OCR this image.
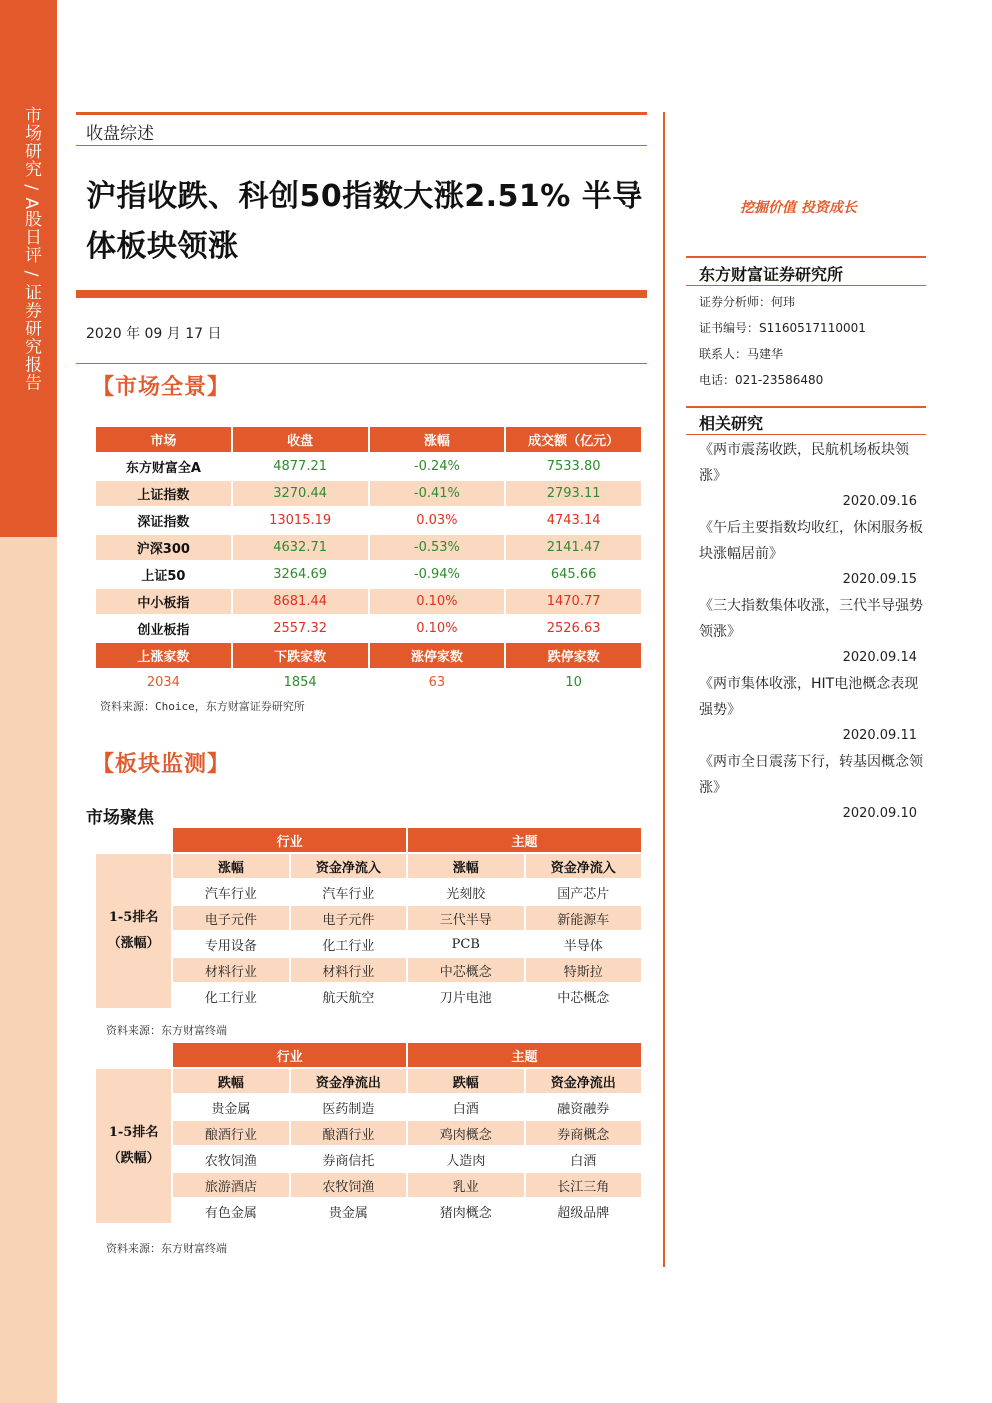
市场研究 / A股日评 / 证券研究报告	收盘综述
沪指收跌、科创50指数大涨2.51% 半导体板块领涨
2020 年 09 月 17 日
【市场全景】
市场	收盘	涨幅	成交额（亿元）
东方财富全A	4877.21	-0.24%	7533.80
上证指数	3270.44	-0.41%	2793.11
深证指数	13015.19	0.03%	4743.14
沪深300	4632.71	-0.53%	2141.47
上证50	3264.69	-0.94%	645.66
中小板指	8681.44	0.10%	1470.77
创业板指	2557.32	0.10%	2526.63
上涨家数	下跌家数	涨停家数	跌停家数
2034	1854	63	10
资料来源：Choice，东方财富证券研究所
【板块监测】
市场聚焦
	行业		主题	
1-5排名（涨幅）	涨幅	资金净流入	涨幅	资金净流入
	汽车行业	汽车行业	光刻胶	国产芯片
	电子元件	电子元件	三代半导	新能源车
	专用设备	化工行业	PCB	半导体
	材料行业	材料行业	中芯概念	特斯拉
	化工行业	航天航空	刀片电池	中芯概念
资料来源：东方财富终端
	行业		主题	
1-5排名（跌幅）	跌幅	资金净流出	跌幅	资金净流出
	贵金属	医药制造	白酒	融资融券
	酿酒行业	酿酒行业	鸡肉概念	券商概念
	农牧饲渔	券商信托	人造肉	白酒
	旅游酒店	农牧饲渔	乳业	长江三角
	有色金属	贵金属	猪肉概念	超级品牌
资料来源：东方财富终端
挖掘价值 投资成长
东方财富证券研究所
证券分析师：何玮
证书编号：S1160517110001
联系人：马建华
电话：021-23586480
相关研究
《两市震荡收跌，民航机场板块领涨》
2020.09.16
《午后主要指数均收红，休闲服务板块涨幅居前》
2020.09.15
《三大指数集体收涨，三代半导强势领涨》
2020.09.14
《两市集体收涨，HIT电池概念表现强势》
2020.09.11
《两市全日震荡下行，转基因概念领涨》
2020.09.10
